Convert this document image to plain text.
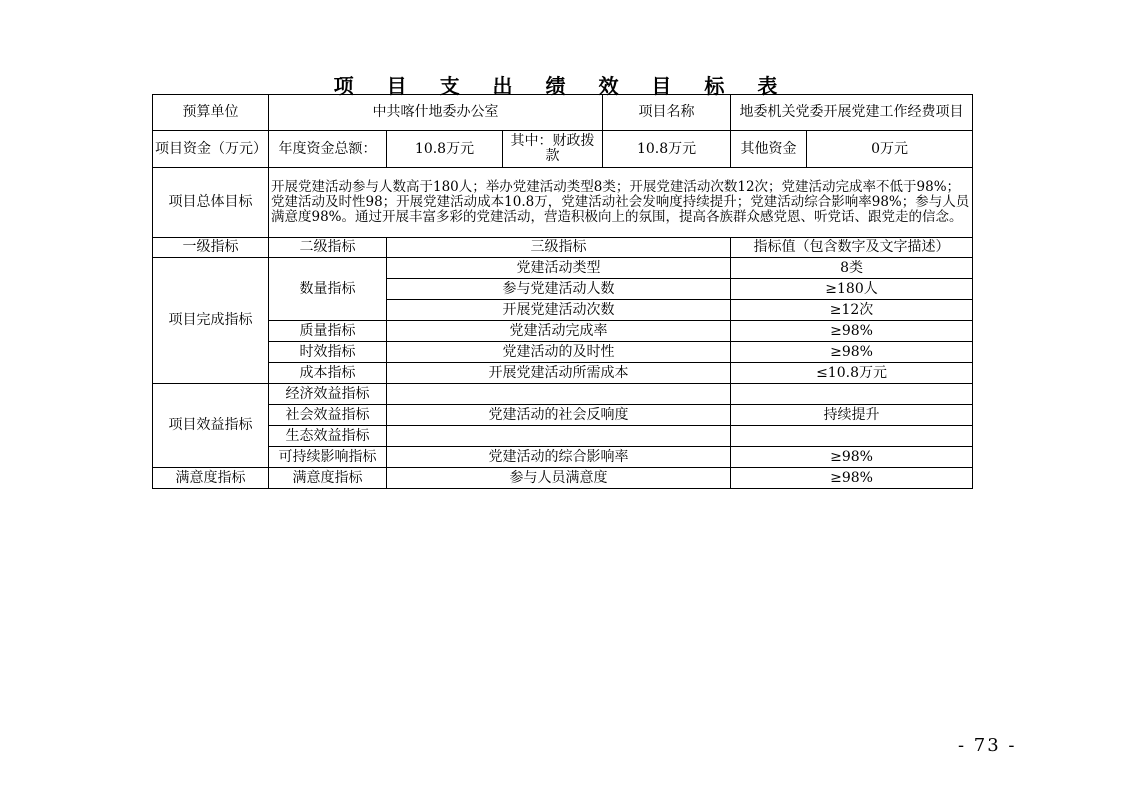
项 目 支 出 绩 效 目 标 表
预算单位	中共喀什地委办公室			项目名称	地委机关党委开展党建工作经费项目	
项目资金（万元）	年度资金总额：	10.8万元	其中：财政拨款	10.8万元	其他资金	0万元
项目总体目标	开展党建活动参与人数高于180人；举办党建活动类型8类；开展党建活动次数12次；党建活动完成率不低于98%；党建活动及时性98；开展党建活动成本10.8万，党建活动社会发响度持续提升；党建活动综合影响率98%；参与人员满意度98%。通过开展丰富多彩的党建活动，营造积极向上的氛围，提高各族群众感党恩、听党话、跟党走的信念。					
一级指标	二级指标	三级指标			指标值（包含数字及文字描述）	
项目完成指标	数量指标	党建活动类型			8类	
		参与党建活动人数			≥180人	
		开展党建活动次数			≥12次	
	质量指标	党建活动完成率			≥98%	
	时效指标	党建活动的及时性			≥98%	
	成本指标	开展党建活动所需成本			≤10.8万元	
项目效益指标	经济效益指标					
	社会效益指标	党建活动的社会反响度			持续提升	
	生态效益指标					
	可持续影响指标	党建活动的综合影响率			≥98%	
满意度指标	满意度指标	参与人员满意度			≥98%	
- 73 -
